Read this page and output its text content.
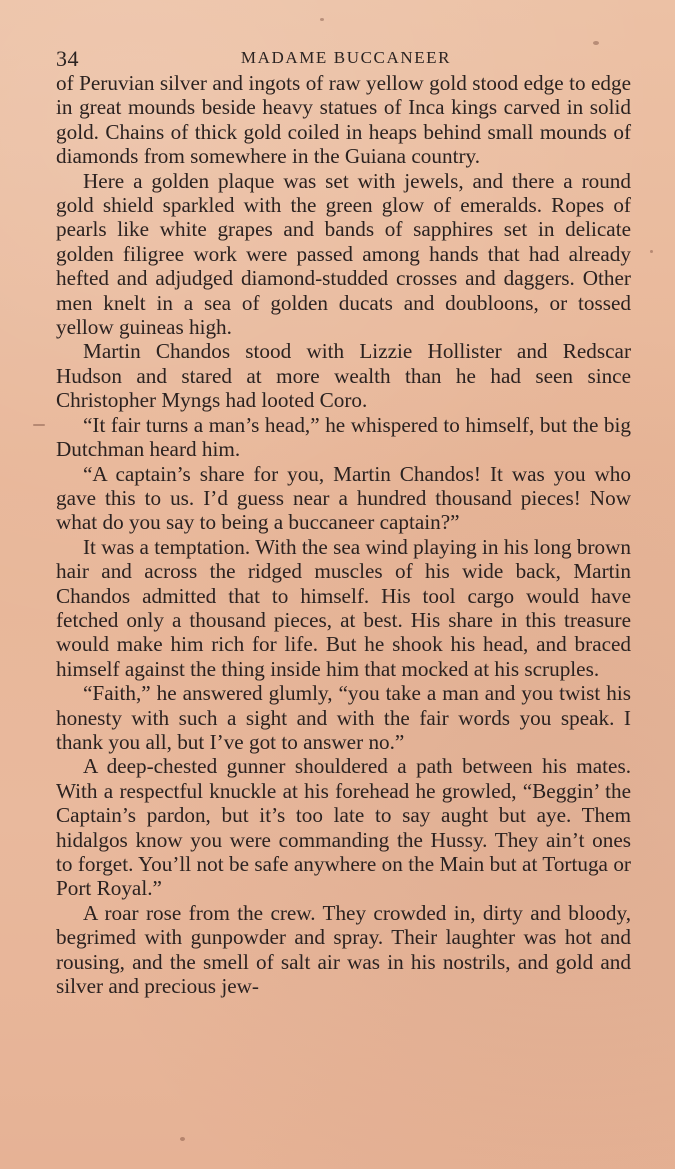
34	MADAME BUCCANEER

of Peruvian silver and ingots of raw yellow gold stood edge to edge in great mounds beside heavy statues of Inca kings carved in solid gold. Chains of thick gold coiled in heaps behind small mounds of diamonds from somewhere in the Guiana country.

Here a golden plaque was set with jewels, and there a round gold shield sparkled with the green glow of emeralds. Ropes of pearls like white grapes and bands of sapphires set in delicate golden filigree work were passed among hands that had already hefted and adjudged diamond-studded crosses and daggers. Other men knelt in a sea of golden ducats and doubloons, or tossed yellow guineas high.

Martin Chandos stood with Lizzie Hollister and Redscar Hudson and stared at more wealth than he had seen since Christopher Myngs had looted Coro.

“It fair turns a man’s head,” he whispered to himself, but the big Dutchman heard him.

“A captain’s share for you, Martin Chandos! It was you who gave this to us. I’d guess near a hundred thousand pieces! Now what do you say to being a buccaneer captain?”

It was a temptation. With the sea wind playing in his long brown hair and across the ridged muscles of his wide back, Martin Chandos admitted that to himself. His tool cargo would have fetched only a thousand pieces, at best. His share in this treasure would make him rich for life. But he shook his head, and braced himself against the thing inside him that mocked at his scruples.

“Faith,” he answered glumly, “you take a man and you twist his honesty with such a sight and with the fair words you speak. I thank you all, but I’ve got to answer no.”

A deep-chested gunner shouldered a path between his mates. With a respectful knuckle at his forehead he growled, “Beggin’ the Captain’s pardon, but it’s too late to say aught but aye. Them hidalgos know you were commanding the Hussy. They ain’t ones to forget. You’ll not be safe anywhere on the Main but at Tortuga or Port Royal.”

A roar rose from the crew. They crowded in, dirty and bloody, begrimed with gunpowder and spray. Their laughter was hot and rousing, and the smell of salt air was in his nostrils, and gold and silver and precious jew-
